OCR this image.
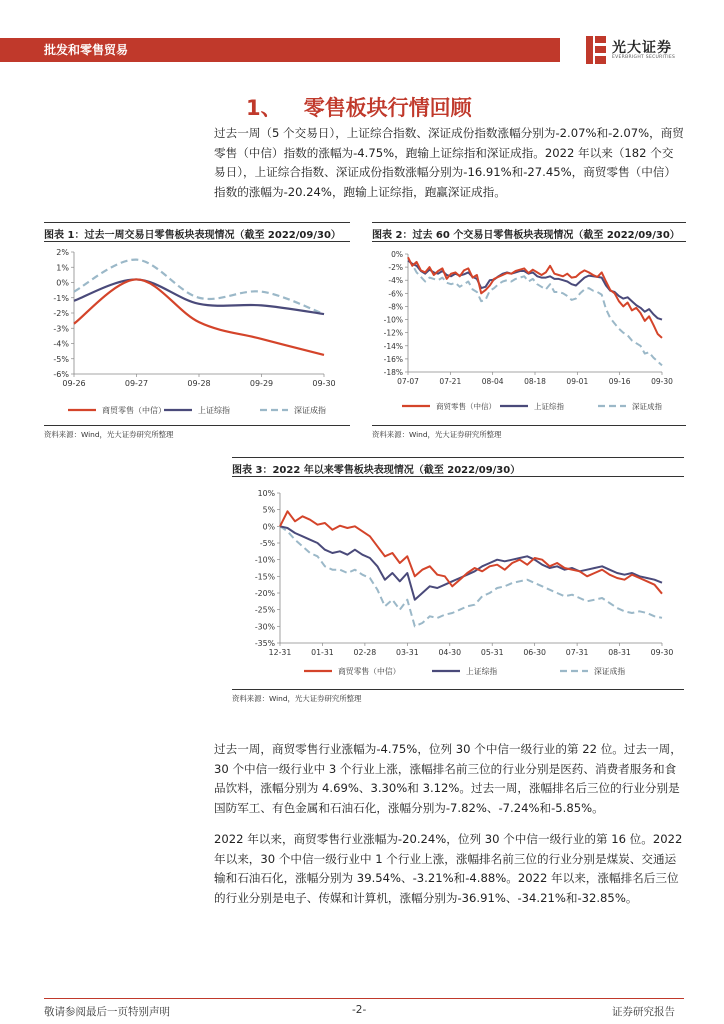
批发和零售贸易	光大证券
EVERBRIGHT SECURITIES
1、 零售板块行情回顾

过去一周（5 个交易日），上证综合指数、深证成份指数涨幅分别为-2.07%和-2.07%，商贸零售（中信）指数的涨幅为-4.75%，跑输上证综指和深证成指。2022 年以来（182 个交易日），上证综合指数、深证成份指数涨幅分别为-16.91%和-27.45%，商贸零售（中信）指数的涨幅为-20.24%，跑输上证综指，跑赢深证成指。

图表 1：过去一周交易日零售板块表现情况（截至 2022/09/30）
2%
1%
0%
-1%
-2%
-3%
-4%
-5%
-6%
09-26	09-27	09-28	09-29	09-30
商贸零售（中信）	上证综指	深证成指
资料来源：Wind，光大证券研究所整理
图表 2：过去 60 个交易日零售板块表现情况（截至 2022/09/30）
0%
-2%
-4%
-6%
-8%
-10%
-12%
-14%
-16%
-18%
07-07	07-21	08-04	08-18	09-01	09-16	09-30
商贸零售（中信）	上证综指	深证成指
资料来源：Wind，光大证券研究所整理
图表 3：2022 年以来零售板块表现情况（截至 2022/09/30）
10%
5%
0%
-5%
-10%
-15%
-20%
-25%
-30%
-35%
12-31	01-31	02-28	03-31	04-30	05-31	06-30	07-31	08-31	09-30
商贸零售（中信）	上证综指	深证成指
资料来源：Wind，光大证券研究所整理

过去一周，商贸零售行业涨幅为-4.75%，位列 30 个中信一级行业的第 22 位。过去一周，30 个中信一级行业中 3 个行业上涨，涨幅排名前三位的行业分别是医药、消费者服务和食品饮料，涨幅分别为 4.69%、3.30%和 3.12%。过去一周，涨幅排名后三位的行业分别是国防军工、有色金属和石油石化，涨幅分别为-7.82%、-7.24%和-5.85%。

2022 年以来，商贸零售行业涨幅为-20.24%，位列 30 个中信一级行业的第 16 位。2022 年以来，30 个中信一级行业中 1 个行业上涨，涨幅排名前三位的行业分别是煤炭、交通运输和石油石化，涨幅分别为 39.54%、-3.21%和-4.88%。2022 年以来，涨幅排名后三位的行业分别是电子、传媒和计算机，涨幅分别为-36.91%、-34.21%和-32.85%。

敬请参阅最后一页特别声明	-2-	证券研究报告
